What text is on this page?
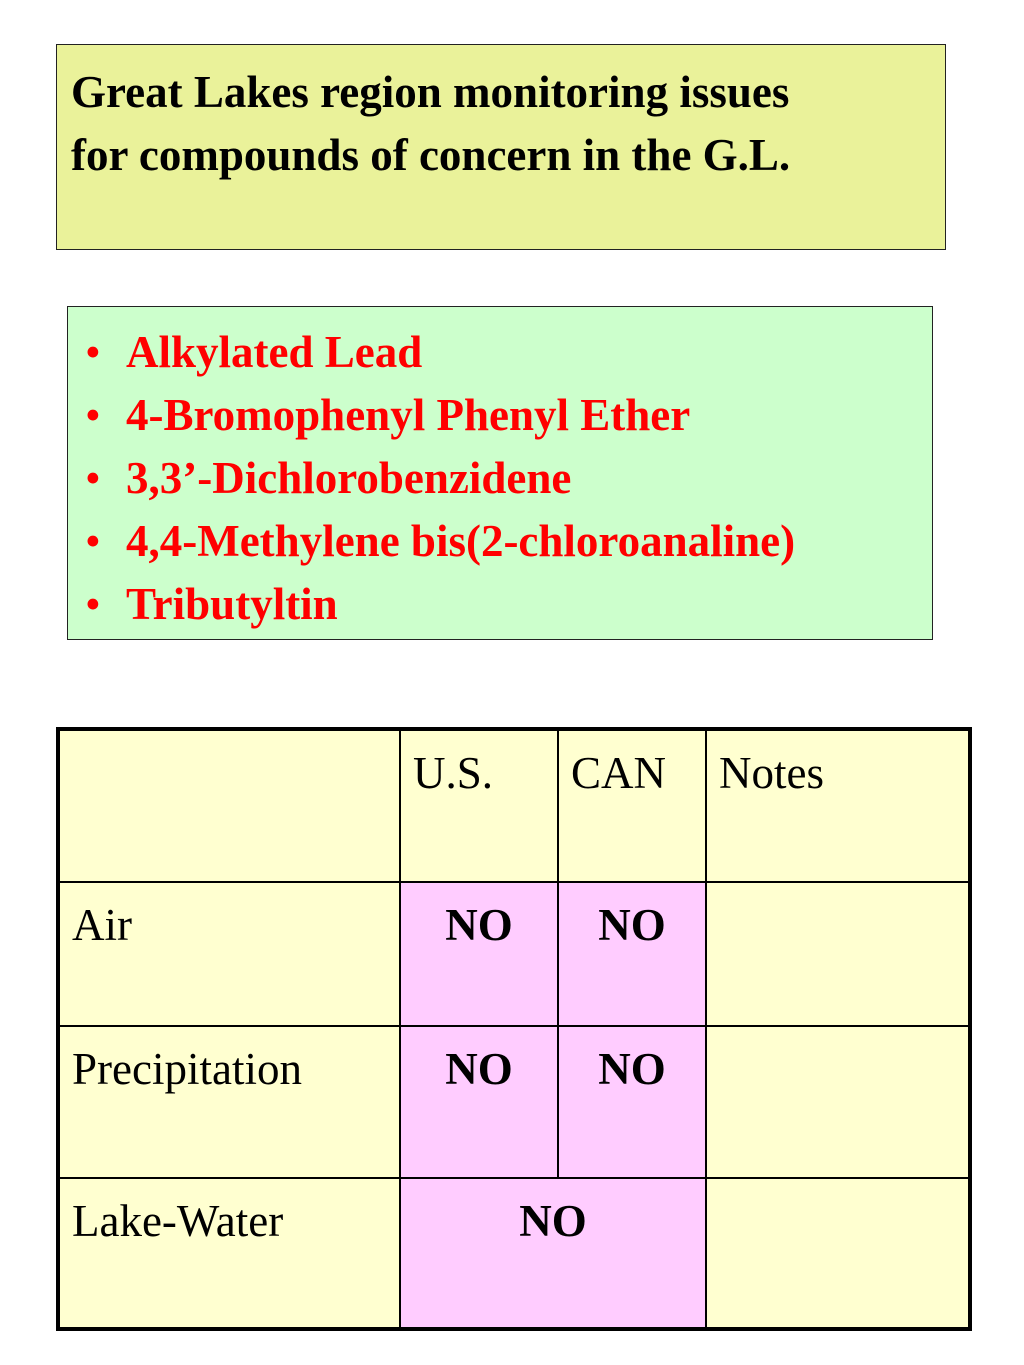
Great Lakes region monitoring issues
for compounds of concern in the G.L.
• Alkylated Lead
• 4-Bromophenyl Phenyl Ether
• 3,3’-Dichlorobenzidene
• 4,4-Methylene bis(2-chloroanaline)
• Tributyltin
	U.S.	CAN	Notes
Air	NO	NO	
Precipitation	NO	NO	
Lake-Water	NO		
